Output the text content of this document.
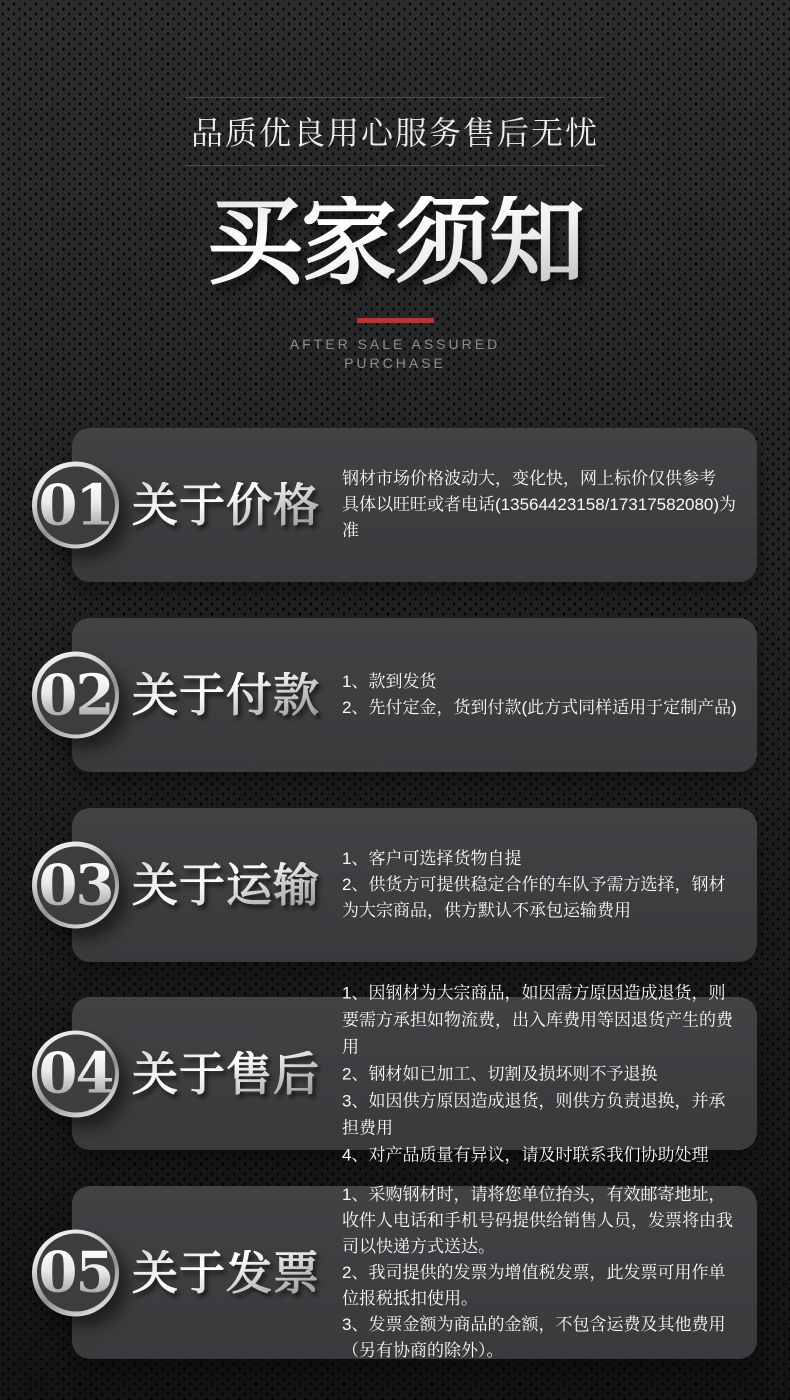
品质优良用心服务售后无忧
买家须知
AFTER SALE ASSURED
PURCHASE
01 关于价格

钢材市场价格波动大，变化快，网上标价仅供参考

具体以旺旺或者电话(13564423158/17317582080)为准

02 关于付款 1、款到发货

2、先付定金，货到付款(此方式同样适用于定制产品)

03 关于运输

1、客户可选择货物自提

2、供货方可提供稳定合作的车队予需方选择，钢材为大宗商品，供方默认不承包运输费用

04 关于售后

1、因钢材为大宗商品，如因需方原因造成退货，则要需方承担如物流费，出入库费用等因退货产生的费用

2、钢材如已加工、切割及损坏则不予退换

3、如因供方原因造成退货，则供方负责退换，并承担费用

4、对产品质量有异议，请及时联系我们协助处理

05 关于发票

1、采购钢材时，请将您单位抬头，有效邮寄地址，收件人电话和手机号码提供给销售人员，发票将由我司以快递方式送达。

2、我司提供的发票为增值税发票，此发票可用作单位报税抵扣使用。

3、发票金额为商品的金额，不包含运费及其他费用（另有协商的除外）。
